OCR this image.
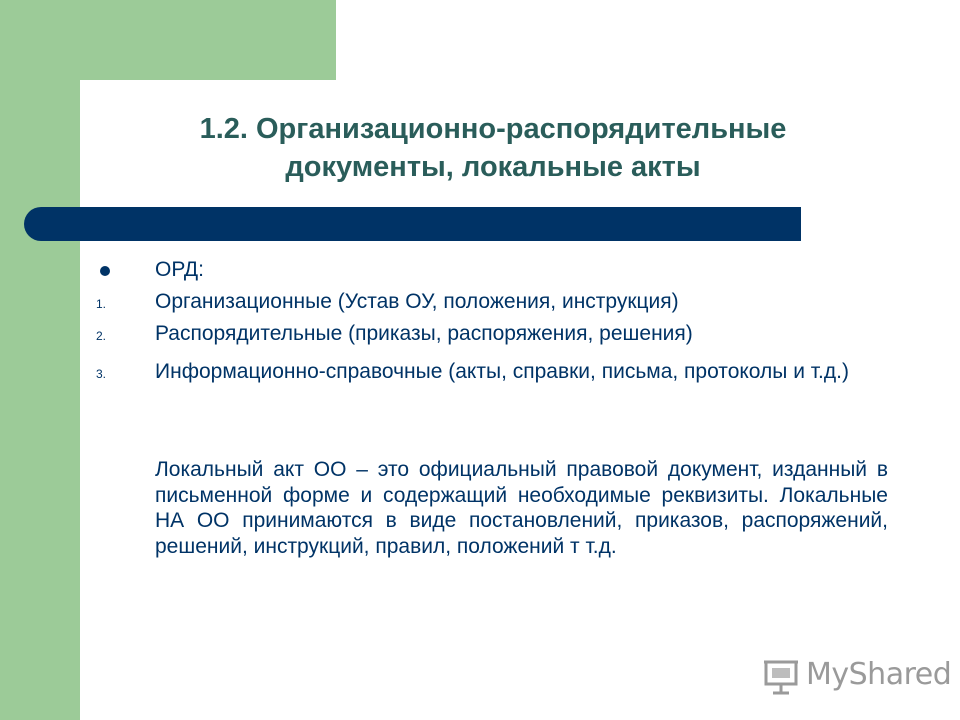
1.2. Организационно-распорядительные
документы, локальные акты
ОРД:
1. Организационные (Устав ОУ, положения, инструкция)
2. Распорядительные (приказы, распоряжения, решения)
3. Информационно-справочные (акты, справки, письма, протоколы и т.д.)

Локальный акт ОО – это официальный правовой документ, изданный в письменной форме и содержащий необходимые реквизиты. Локальные НА ОО принимаются в виде постановлений, приказов, распоряжений, решений, инструкций, правил, положений т т.д.

MyShared
